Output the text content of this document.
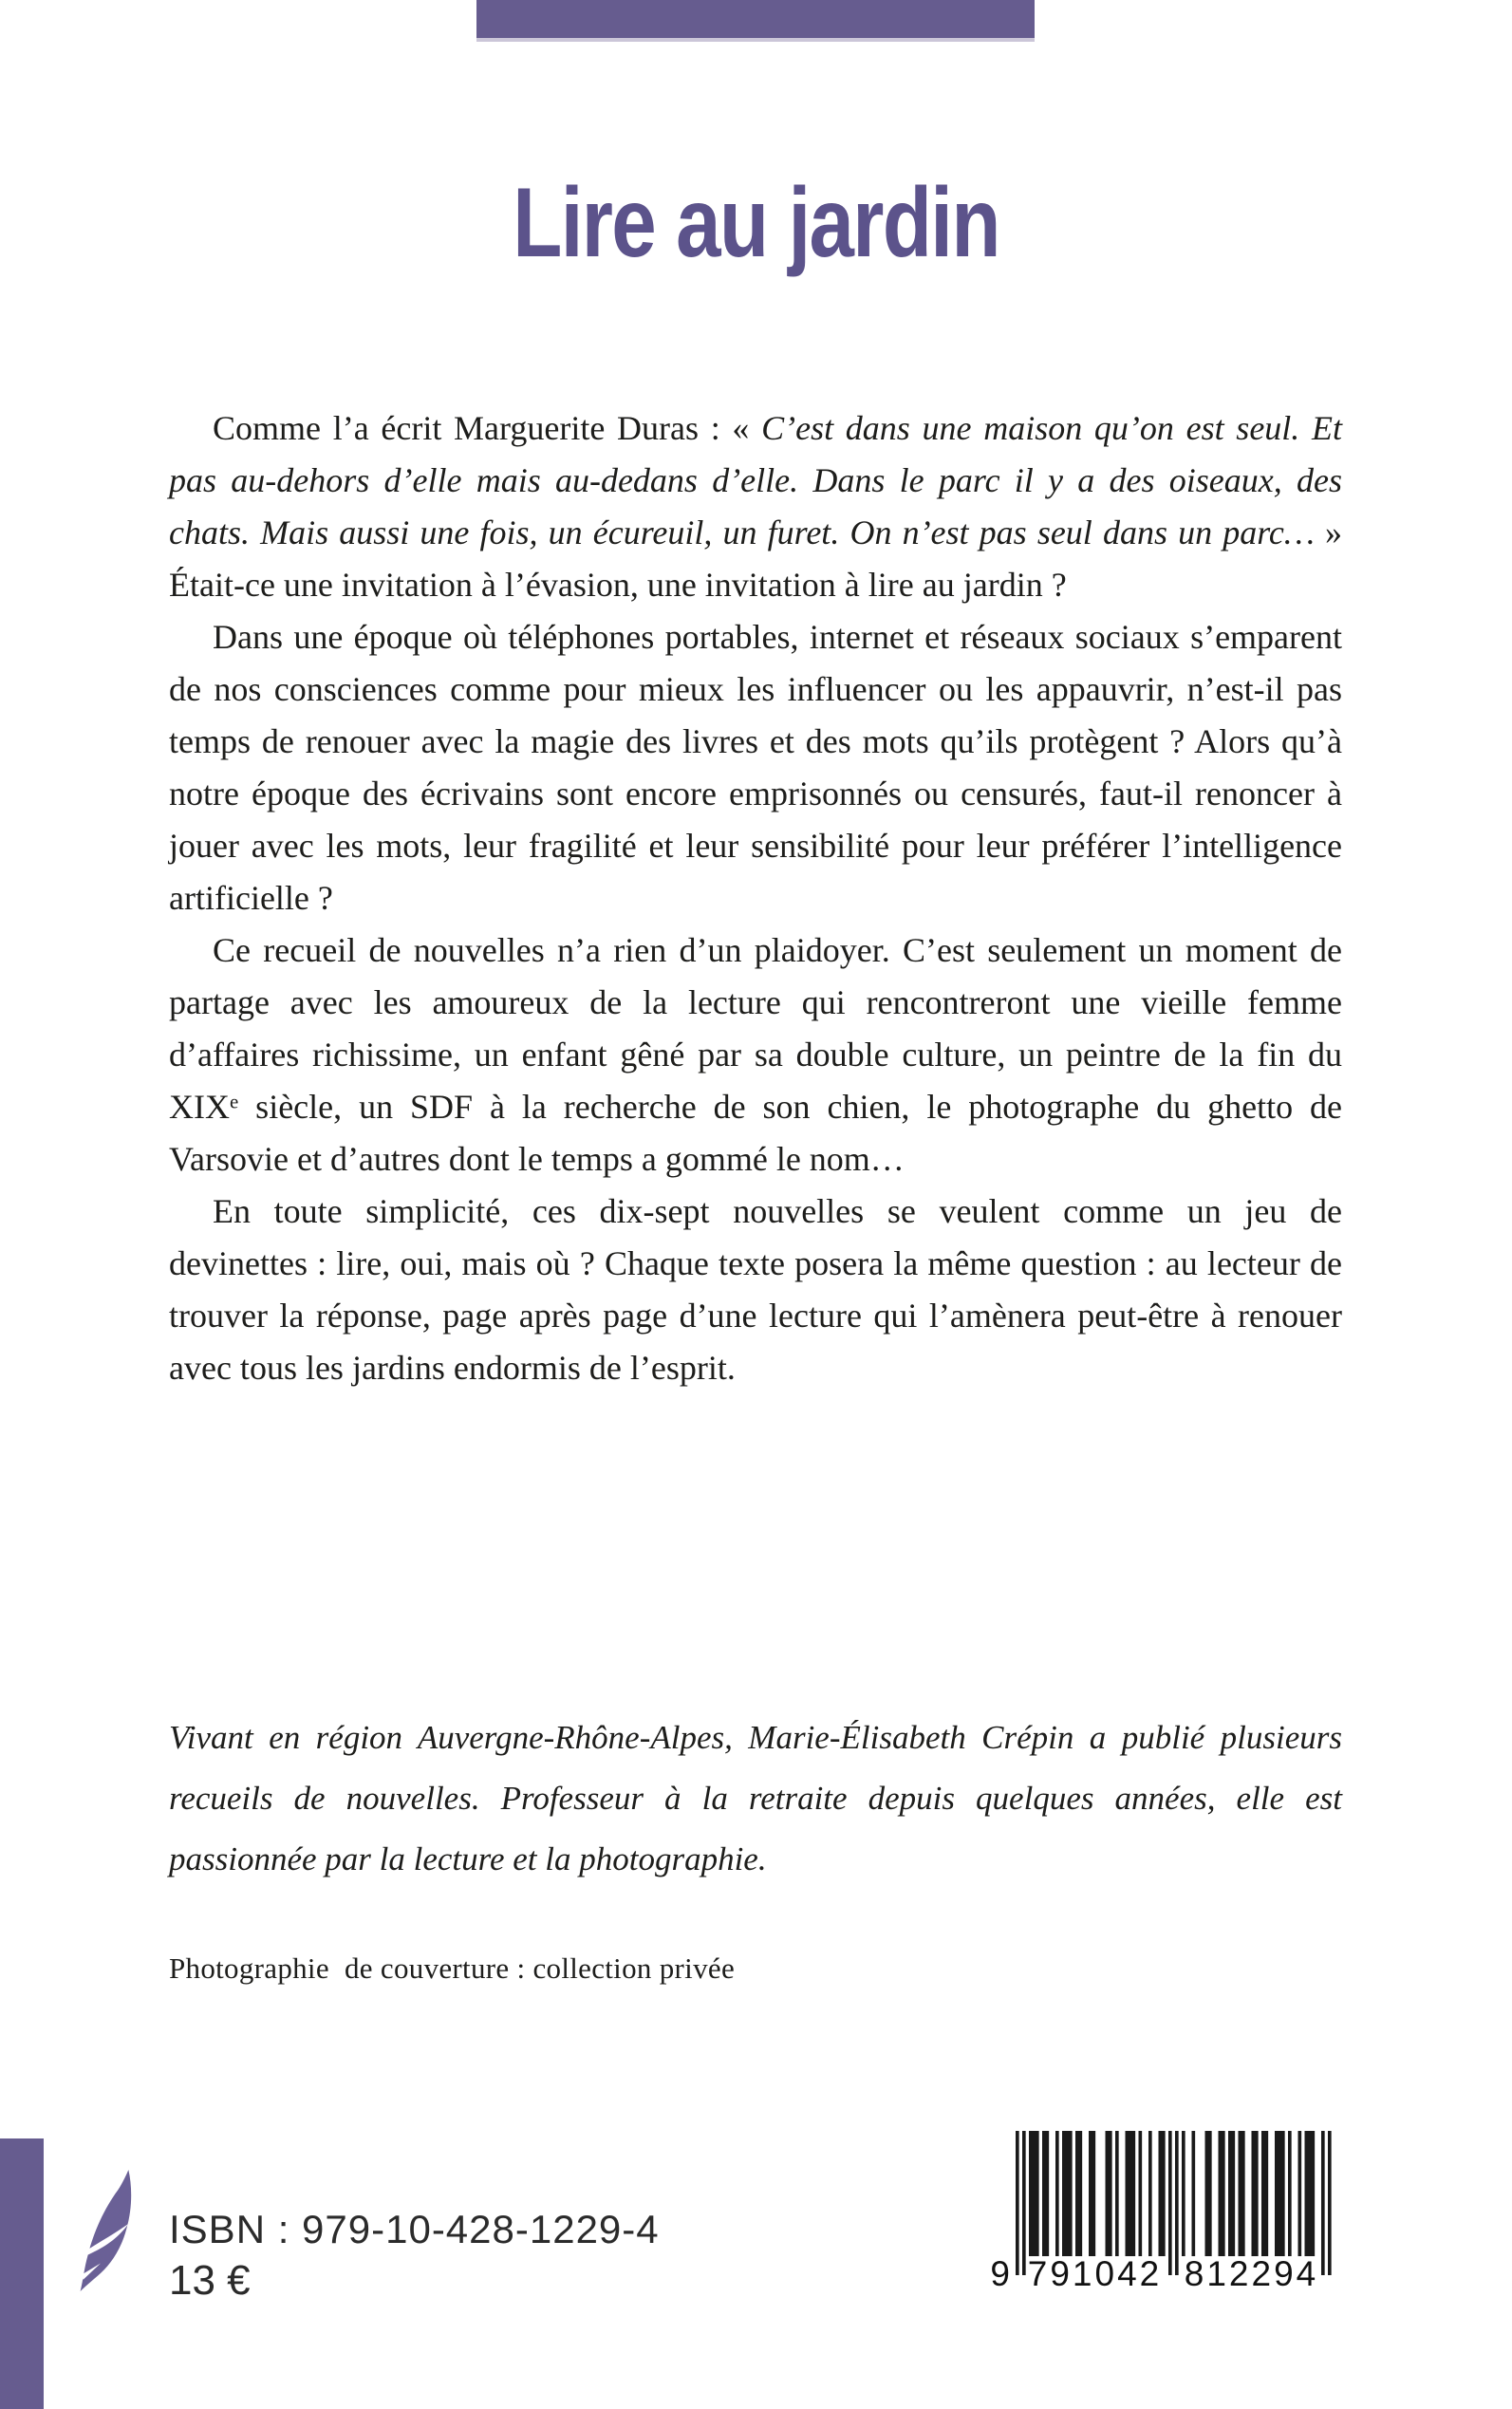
Lire au jardin

Comme l’a écrit Marguerite Duras : « C’est dans une maison qu’on est seul. Et pas au-dehors d’elle mais au-dedans d’elle. Dans le parc il y a des oiseaux, des chats. Mais aussi une fois, un écureuil, un furet. On n’est pas seul dans un parc… » Était-ce une invitation à l’évasion, une invitation à lire au jardin ?

Dans une époque où téléphones portables, internet et réseaux sociaux s’emparent de nos consciences comme pour mieux les influencer ou les appauvrir, n’est-il pas temps de renouer avec la magie des livres et des mots qu’ils protègent ? Alors qu’à notre époque des écrivains sont encore emprisonnés ou censurés, faut-il renoncer à jouer avec les mots, leur fragilité et leur sensibilité pour leur préférer l’intelligence artificielle ?

Ce recueil de nouvelles n’a rien d’un plaidoyer. C’est seulement un moment de partage avec les amoureux de la lecture qui rencontreront une vieille femme d’affaires richissime, un enfant gêné par sa double culture, un peintre de la fin du XIXe siècle, un SDF à la recherche de son chien, le photographe du ghetto de Varsovie et d’autres dont le temps a gommé le nom…

En toute simplicité, ces dix-sept nouvelles se veulent comme un jeu de devinettes : lire, oui, mais où ? Chaque texte posera la même question : au lecteur de trouver la réponse, page après page d’une lecture qui l’amènera peut-être à renouer avec tous les jardins endormis de l’esprit.

Vivant en région Auvergne-Rhône-Alpes, Marie-Élisabeth Crépin a publié plusieurs recueils de nouvelles. Professeur à la retraite depuis quelques années, elle est passionnée par la lecture et la photographie.
Photographie  de couverture : collection privée
ISBN : 979-10-428-1229-4
13 €	9 791042 812294
